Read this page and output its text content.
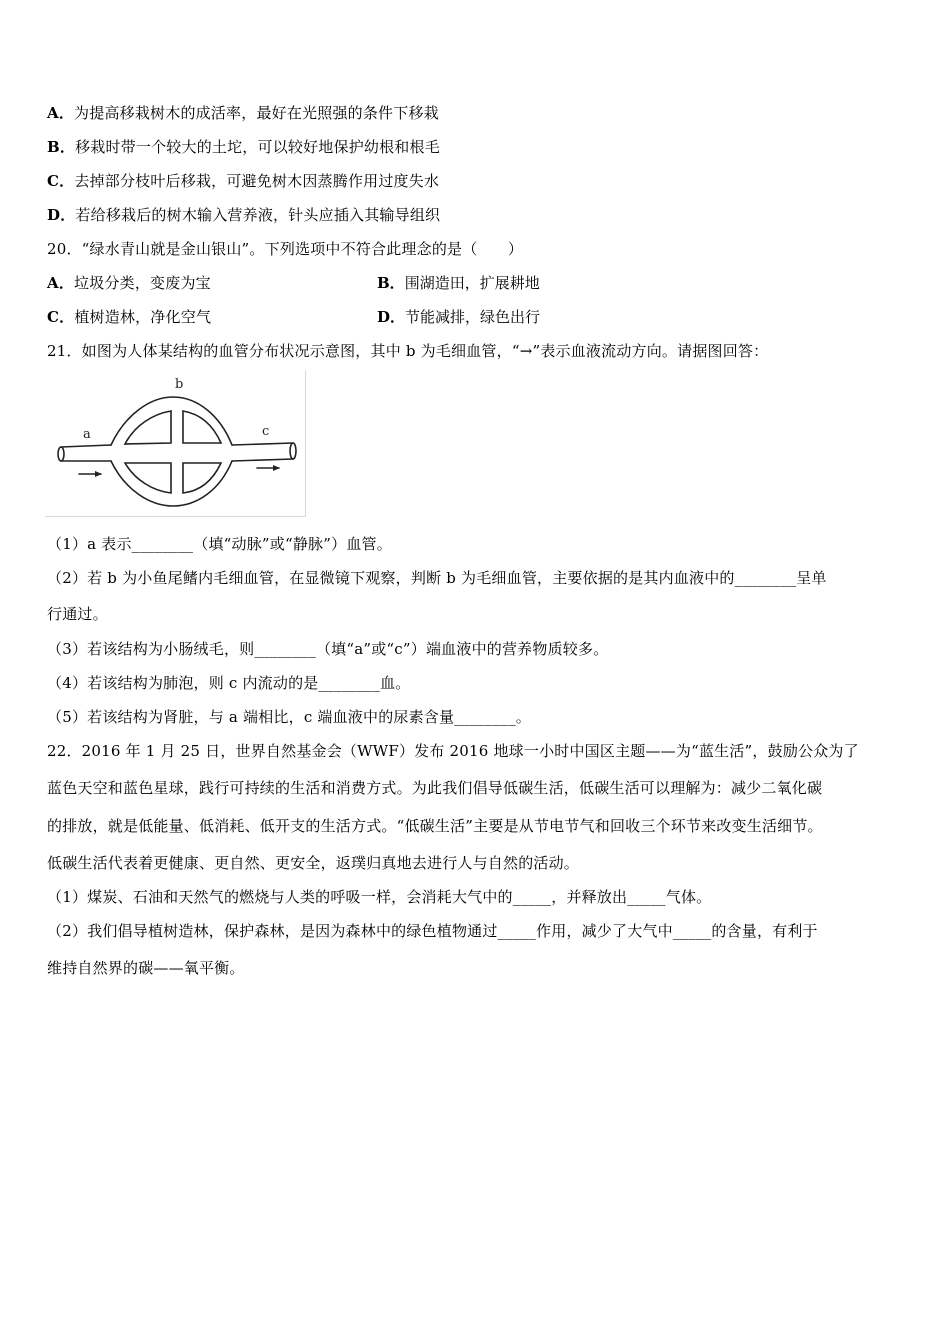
A．为提高移栽树木的成活率，最好在光照强的条件下移栽
B．移栽时带一个较大的土坨，可以较好地保护幼根和根毛
C．去掉部分枝叶后移栽，可避免树木因蒸腾作用过度失水
D．若给移栽后的树木输入营养液，针头应插入其输导组织
20．“绿水青山就是金山银山”。下列选项中不符合此理念的是（　　）
A．垃圾分类，变废为宝	B．围湖造田，扩展耕地
C．植树造林，净化空气	D．节能减排，绿色出行
21．如图为人体某结构的血管分布状况示意图，其中 b 为毛细血管，“→”表示血液流动方向。请据图回答：
a
b
c
（1）a 表示________（填“动脉”或“静脉”）血管。
（2）若 b 为小鱼尾鳍内毛细血管，在显微镜下观察，判断 b 为毛细血管，主要依据的是其内血液中的________呈单
行通过。
（3）若该结构为小肠绒毛，则________（填“a”或“c”）端血液中的营养物质较多。
（4）若该结构为肺泡，则 c 内流动的是________血。
（5）若该结构为肾脏，与 a 端相比，c 端血液中的尿素含量________。
22．2016 年 1 月 25 日，世界自然基金会（WWF）发布 2016 地球一小时中国区主题——为“蓝生活”，鼓励公众为了
蓝色天空和蓝色星球，践行可持续的生活和消费方式。为此我们倡导低碳生活，低碳生活可以理解为：减少二氧化碳
的排放，就是低能量、低消耗、低开支的生活方式。“低碳生活”主要是从节电节气和回收三个环节来改变生活细节。
低碳生活代表着更健康、更自然、更安全，返璞归真地去进行人与自然的活动。
（1）煤炭、石油和天然气的燃烧与人类的呼吸一样，会消耗大气中的_____，并释放出_____气体。
（2）我们倡导植树造林，保护森林，是因为森林中的绿色植物通过_____作用，减少了大气中_____的含量，有利于
维持自然界的碳——氧平衡。
